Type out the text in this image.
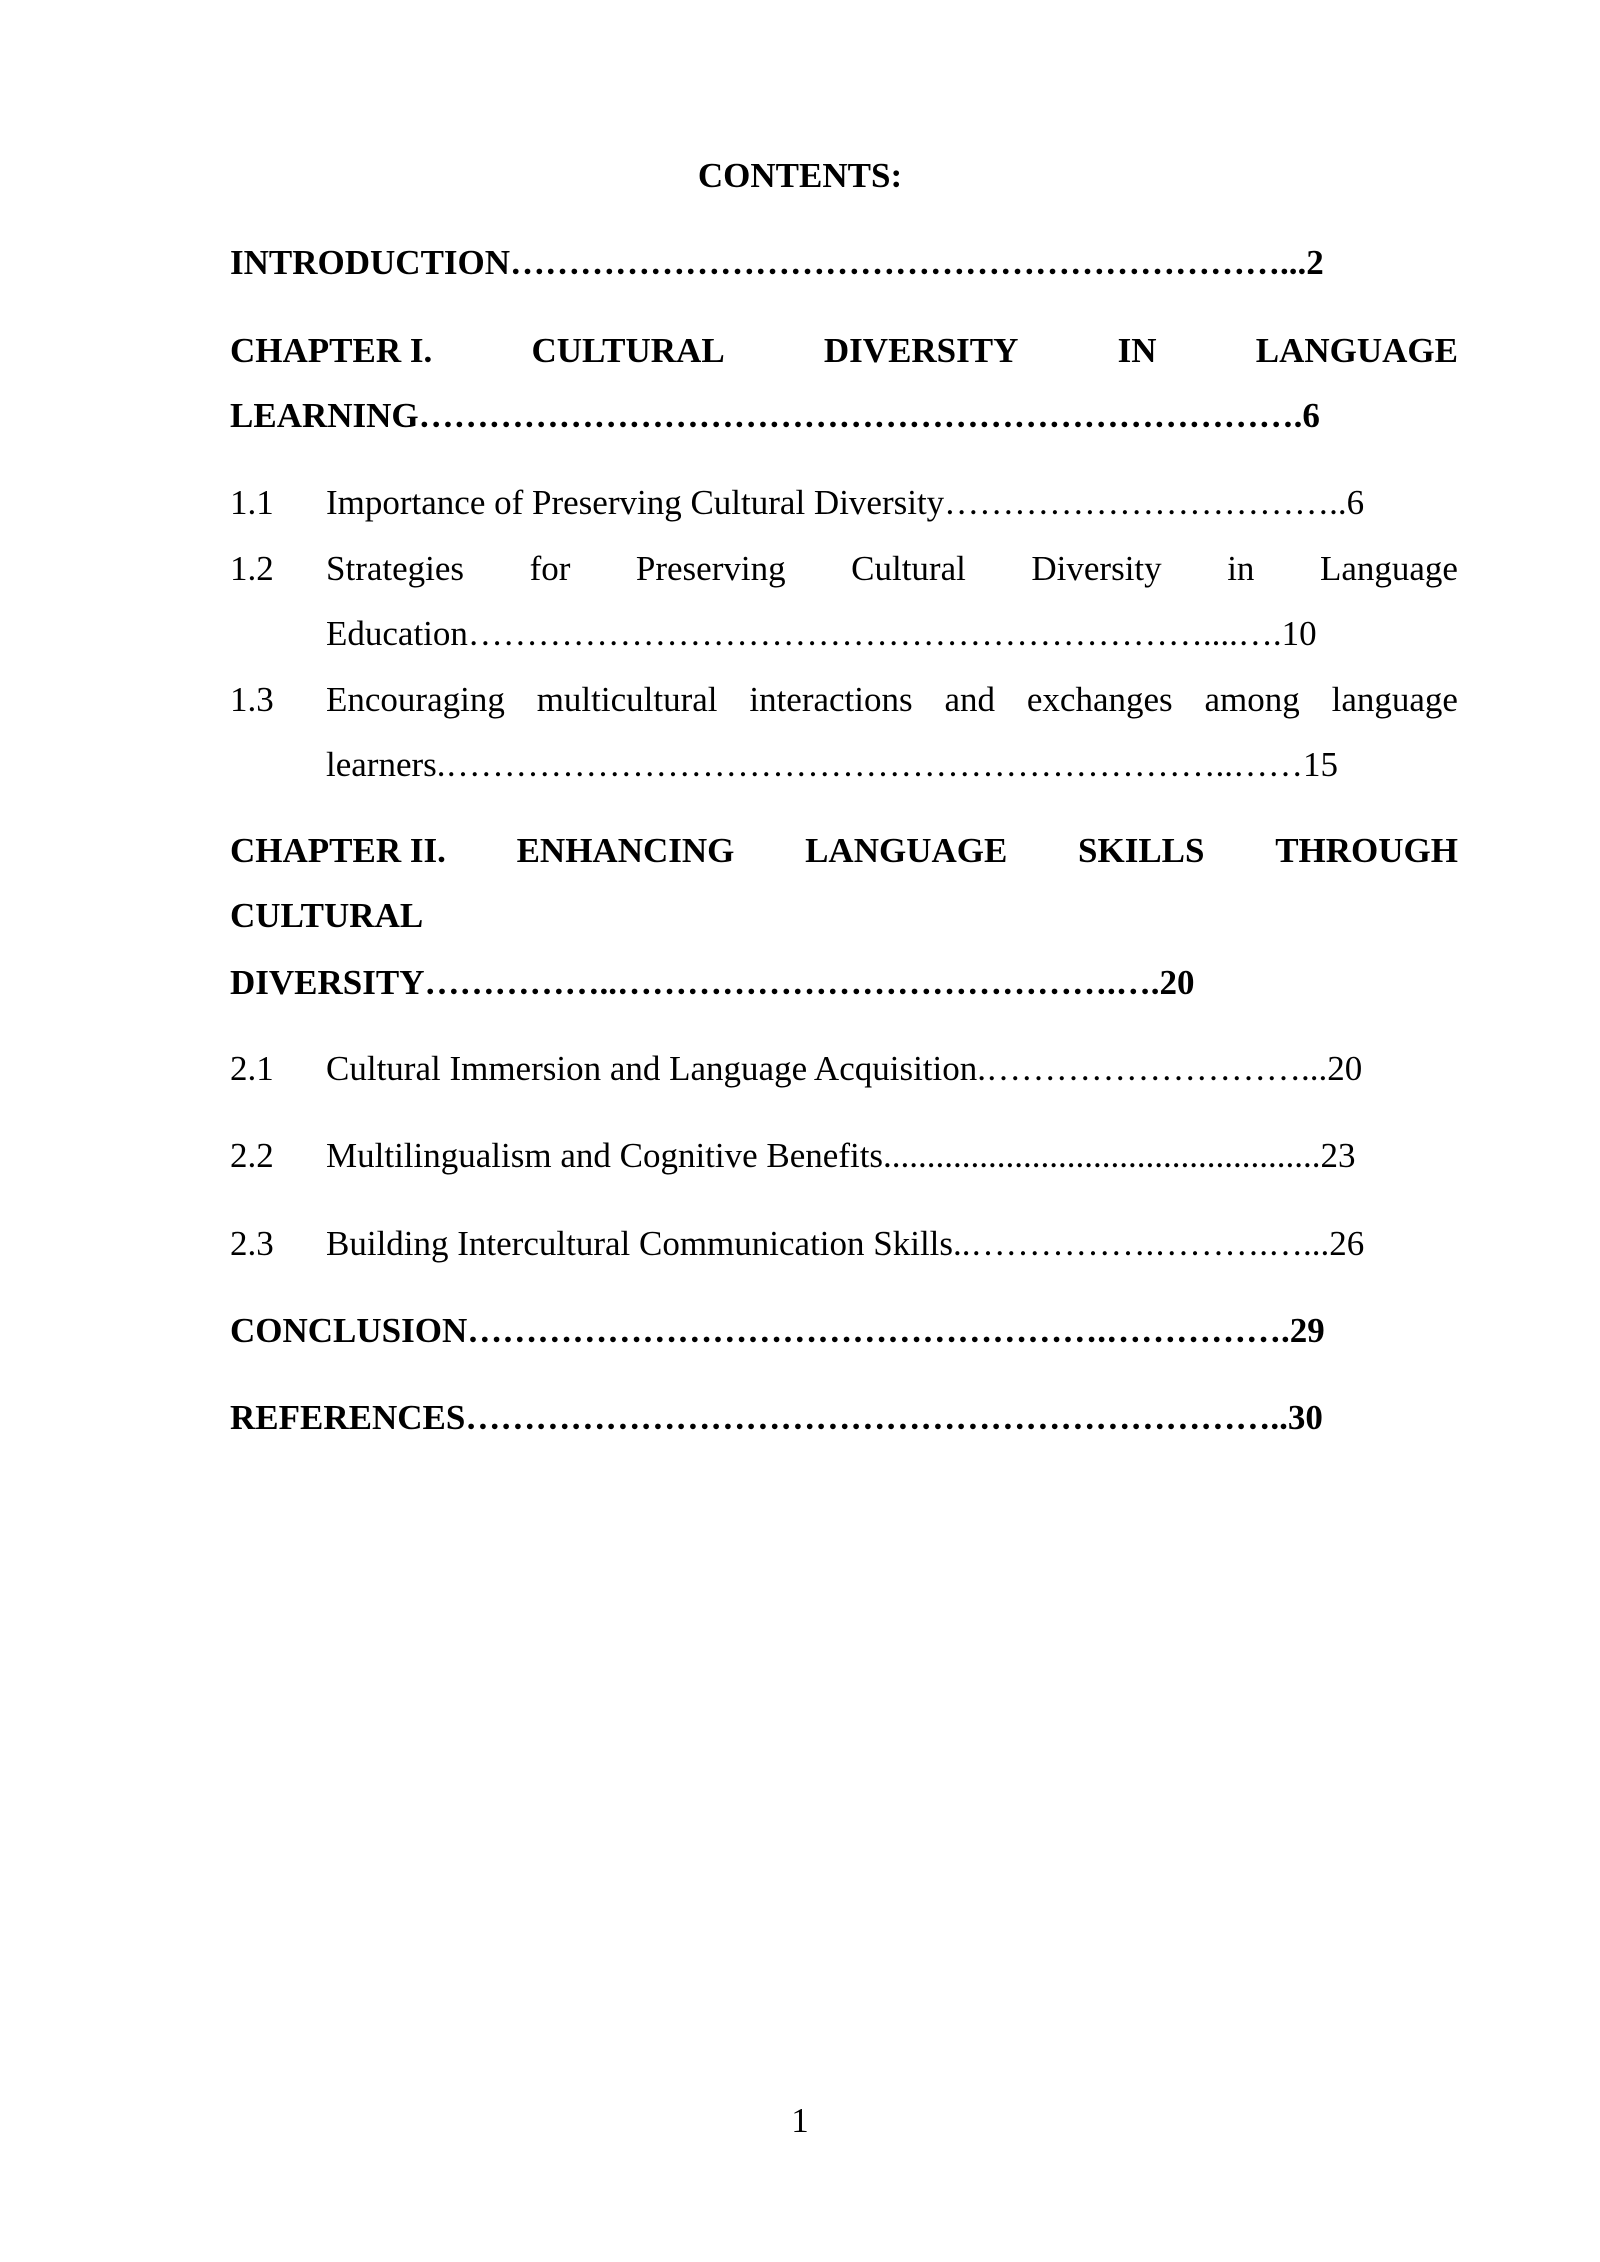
CONTENTS:
INTRODUCTION…………………………………………………………...2
CHAPTER I.	CULTURAL	DIVERSITY	IN	LANGUAGE
LEARNING………………………………………………………………….6
1.1	Importance of Preserving Cultural Diversity……………………………..6
1.2	Strategies for Preserving Cultural Diversity in Language
Education………………………………………………………....….10
1.3	Encouraging multicultural interactions and exchanges among language
learners.…………………………………………………………..……15
CHAPTER II. ENHANCING LANGUAGE SKILLS THROUGH
CULTURAL
DIVERSITY……………..…………………………………….….20
2.1	Cultural Immersion and Language Acquisition.………………………...20
2.2	Multilingualism and Cognitive Benefits..................................................23
2.3	Building Intercultural Communication Skills..…………….……….…...26
CONCLUSION……………………………………………….…………….29
REFERENCES……………………………………………………………..30
1
